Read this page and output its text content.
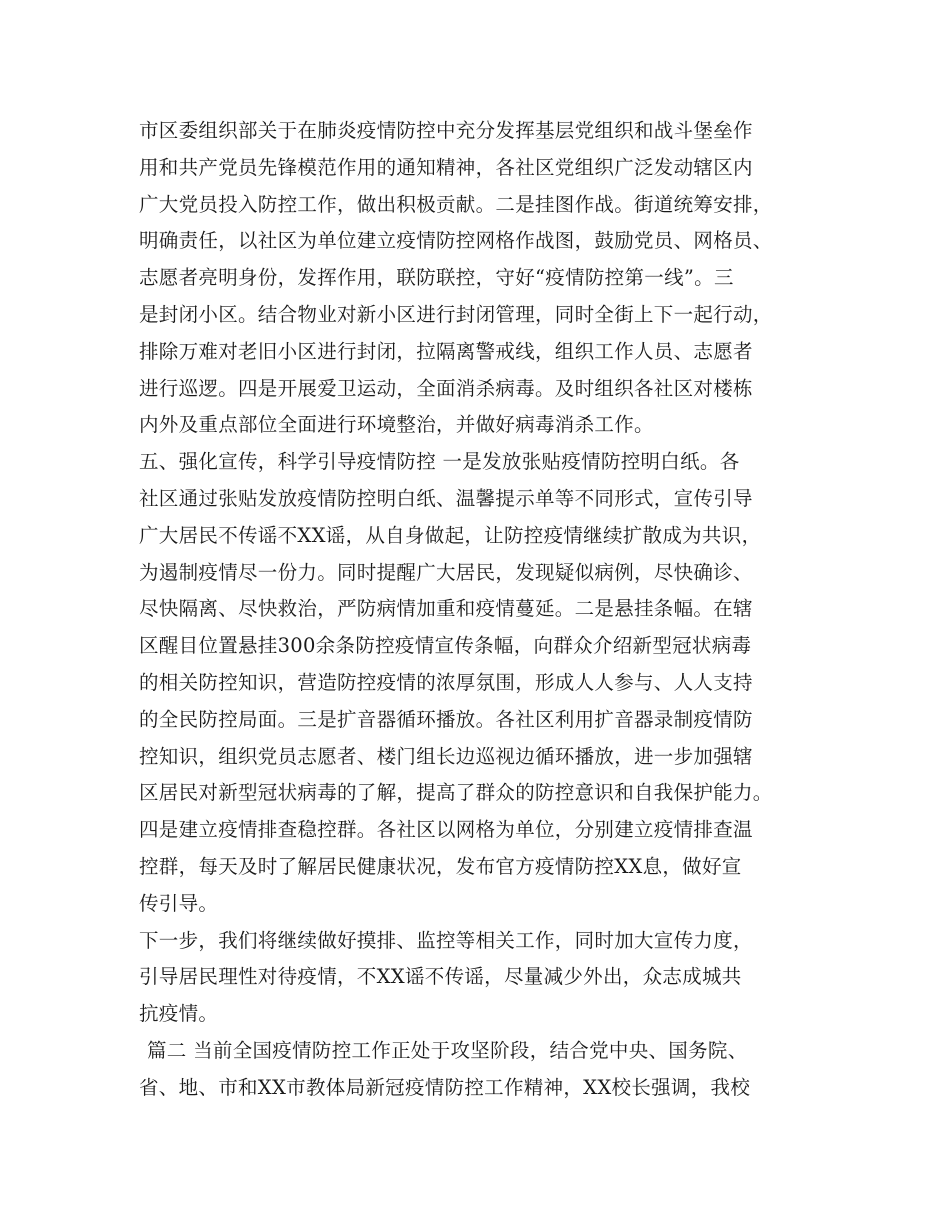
市区委组织部关于在肺炎疫情防控中充分发挥基层党组织和战斗堡垒作
用和共产党员先锋模范作用的通知精神，各社区党组织广泛发动辖区内
广大党员投入防控工作，做出积极贡献。二是挂图作战。街道统筹安排，
明确责任，以社区为单位建立疫情防控网格作战图，鼓励党员、网格员、
志愿者亮明身份，发挥作用，联防联控，守好“疫情防控第一线”。三
是封闭小区。结合物业对新小区进行封闭管理，同时全街上下一起行动，
排除万难对老旧小区进行封闭，拉隔离警戒线，组织工作人员、志愿者
进行巡逻。四是开展爱卫运动，全面消杀病毒。及时组织各社区对楼栋
内外及重点部位全面进行环境整治，并做好病毒消杀工作。
五、强化宣传，科学引导疫情防控 一是发放张贴疫情防控明白纸。各
社区通过张贴发放疫情防控明白纸、温馨提示单等不同形式，宣传引导
广大居民不传谣不XX谣，从自身做起，让防控疫情继续扩散成为共识，
为遏制疫情尽一份力。同时提醒广大居民，发现疑似病例，尽快确诊、
尽快隔离、尽快救治，严防病情加重和疫情蔓延。二是悬挂条幅。在辖
区醒目位置悬挂300余条防控疫情宣传条幅，向群众介绍新型冠状病毒
的相关防控知识，营造防控疫情的浓厚氛围，形成人人参与、人人支持
的全民防控局面。三是扩音器循环播放。各社区利用扩音器录制疫情防
控知识，组织党员志愿者、楼门组长边巡视边循环播放，进一步加强辖
区居民对新型冠状病毒的了解，提高了群众的防控意识和自我保护能力。
四是建立疫情排查稳控群。各社区以网格为单位，分别建立疫情排查温
控群，每天及时了解居民健康状况，发布官方疫情防控XX息，做好宣
传引导。
下一步，我们将继续做好摸排、监控等相关工作，同时加大宣传力度，
引导居民理性对待疫情，不XX谣不传谣，尽量减少外出，众志成城共
抗疫情。
篇二 当前全国疫情防控工作正处于攻坚阶段，结合党中央、国务院、
省、地、市和XX市教体局新冠疫情防控工作精神，XX校长强调，我校
